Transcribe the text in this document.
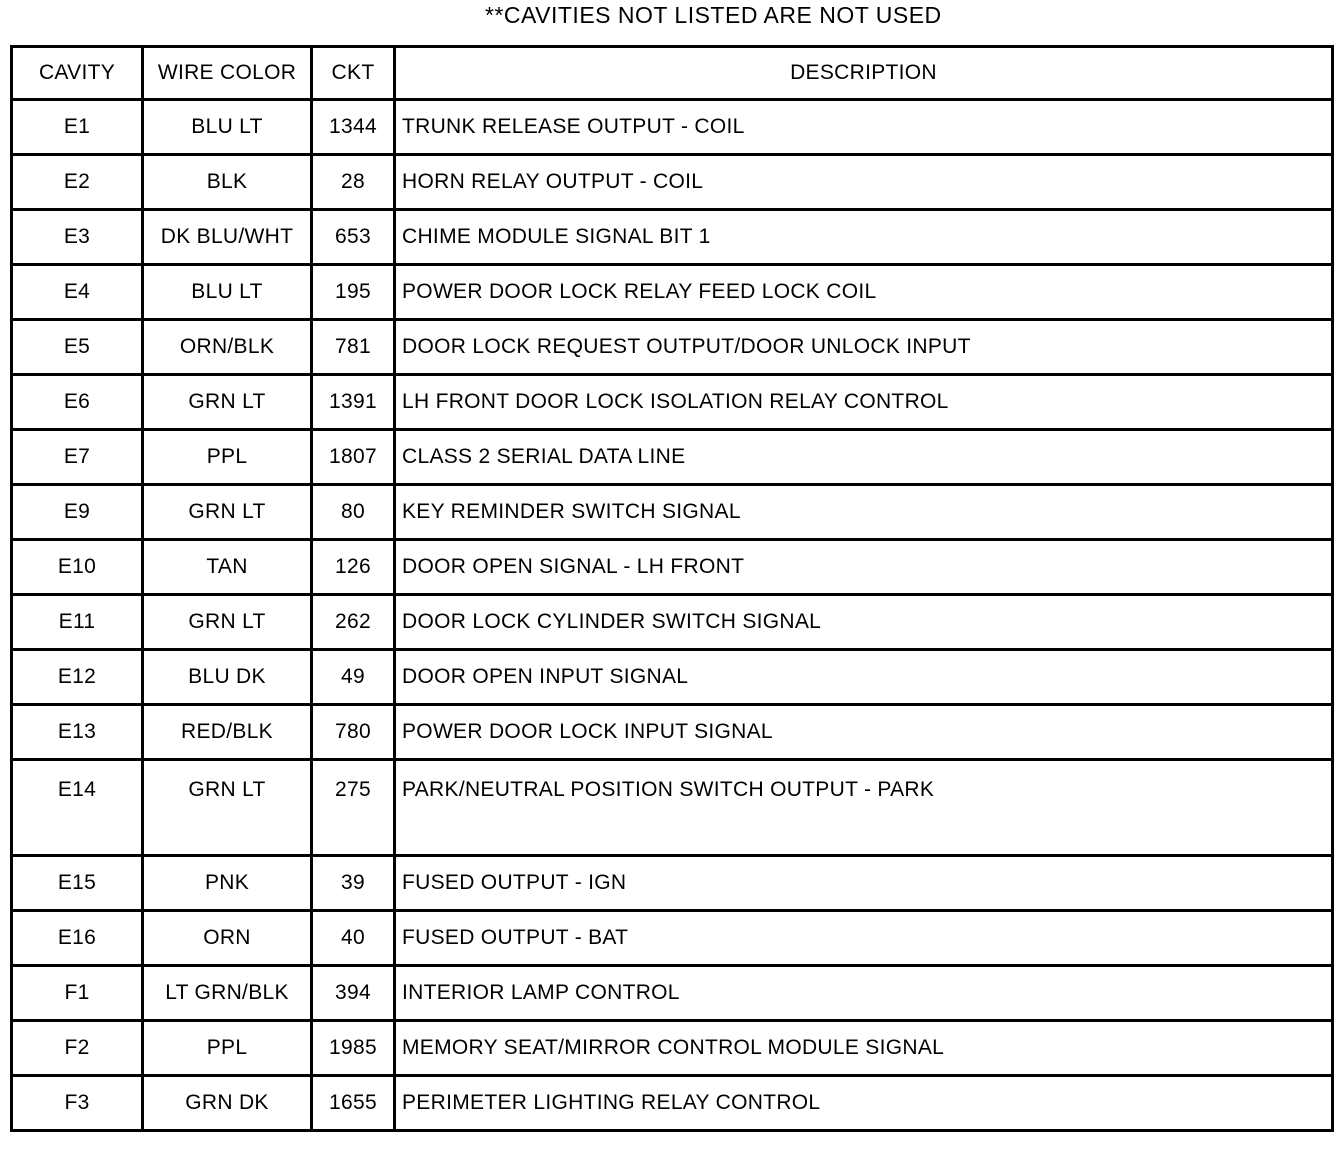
**CAVITIES NOT LISTED ARE NOT USED
CAVITY	WIRE COLOR	CKT	DESCRIPTION
E1	BLU LT	1344	TRUNK RELEASE OUTPUT - COIL
E2	BLK	28	HORN RELAY OUTPUT - COIL
E3	DK BLU/WHT	653	CHIME MODULE SIGNAL BIT 1
E4	BLU LT	195	POWER DOOR LOCK RELAY FEED LOCK COIL
E5	ORN/BLK	781	DOOR LOCK REQUEST OUTPUT/DOOR UNLOCK INPUT
E6	GRN LT	1391	LH FRONT DOOR LOCK ISOLATION RELAY CONTROL
E7	PPL	1807	CLASS 2 SERIAL DATA LINE
E9	GRN LT	80	KEY REMINDER SWITCH SIGNAL
E10	TAN	126	DOOR OPEN SIGNAL - LH FRONT
E11	GRN LT	262	DOOR LOCK CYLINDER SWITCH SIGNAL
E12	BLU DK	49	DOOR OPEN INPUT SIGNAL
E13	RED/BLK	780	POWER DOOR LOCK INPUT SIGNAL
E14	GRN LT	275	PARK/NEUTRAL POSITION SWITCH OUTPUT - PARK
E15	PNK	39	FUSED OUTPUT - IGN
E16	ORN	40	FUSED OUTPUT - BAT
F1	LT GRN/BLK	394	INTERIOR LAMP CONTROL
F2	PPL	1985	MEMORY SEAT/MIRROR CONTROL MODULE SIGNAL
F3	GRN DK	1655	PERIMETER LIGHTING RELAY CONTROL
